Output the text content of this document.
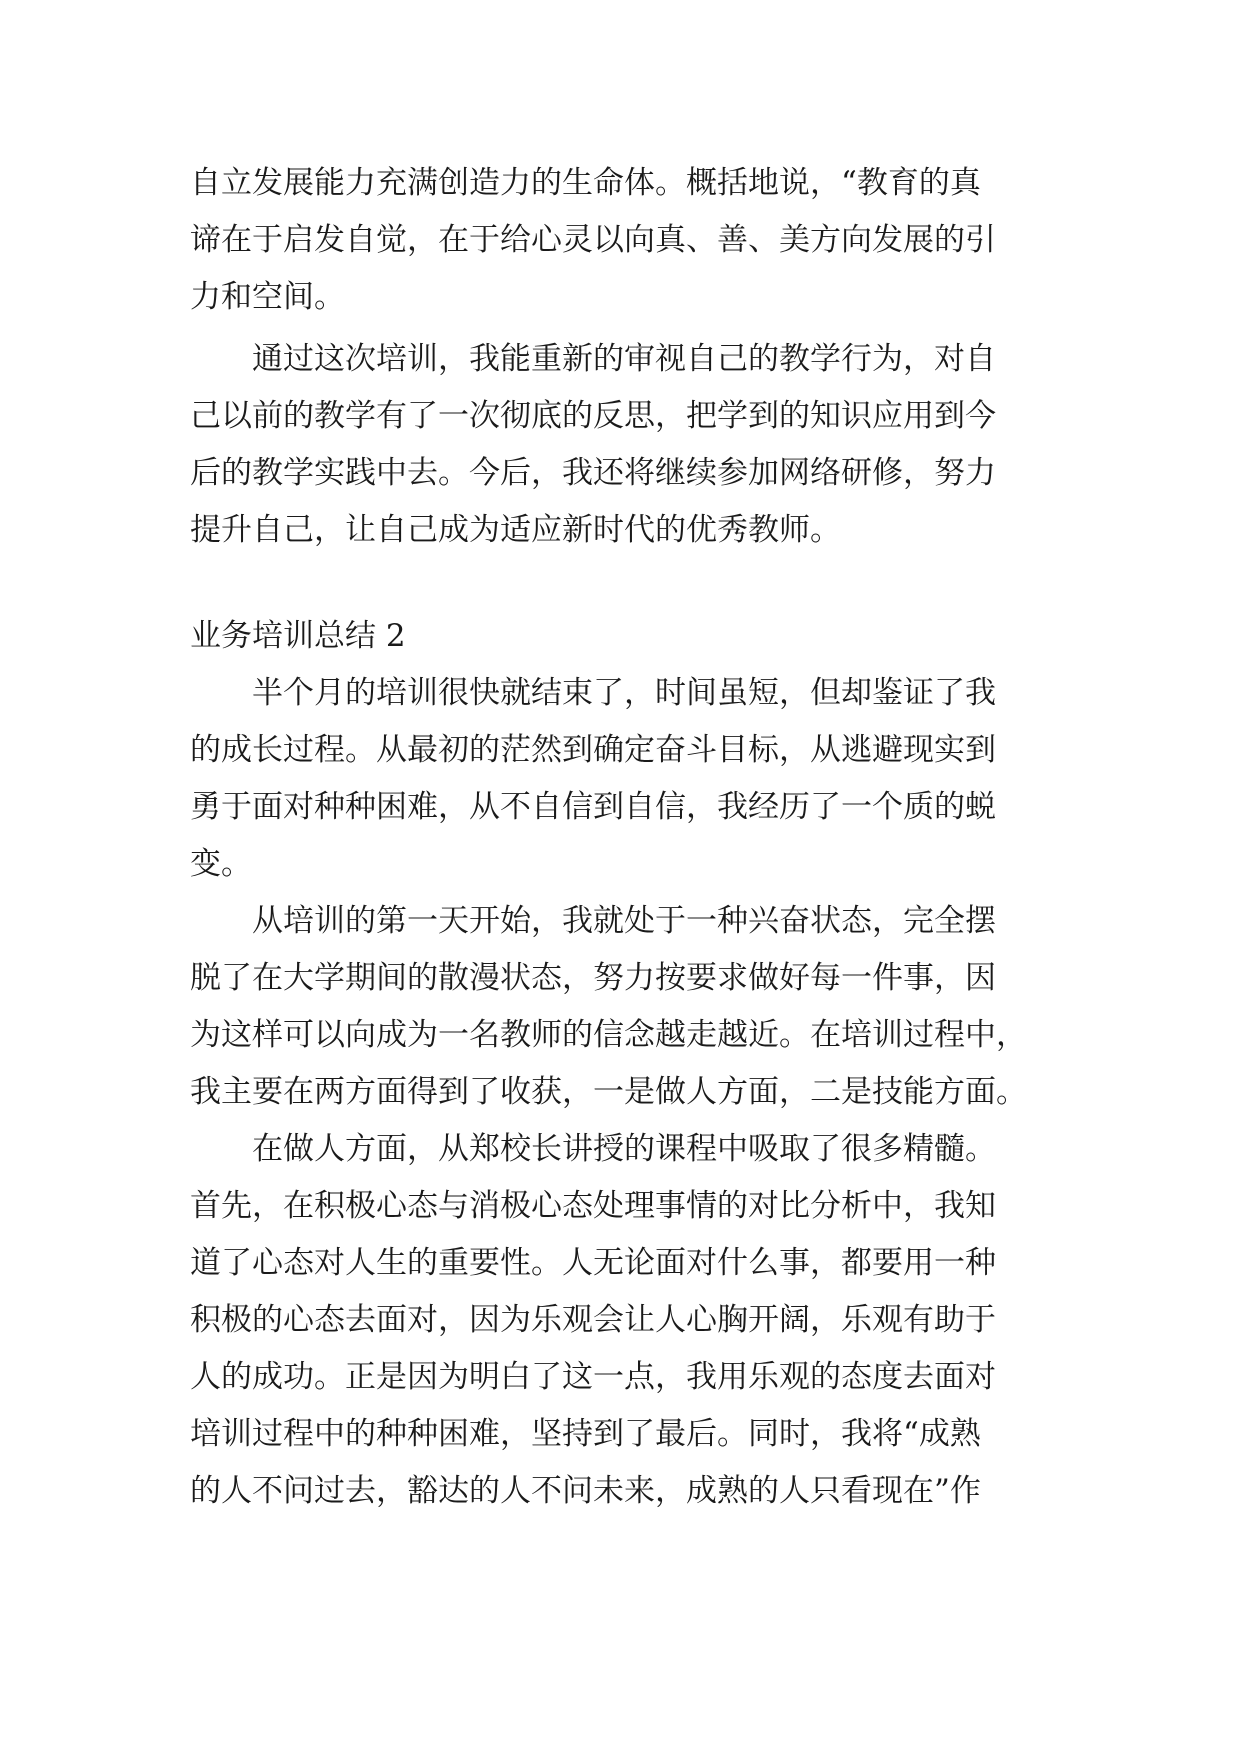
自立发展能力充满创造力的生命体。概括地说，“教育的真
谛在于启发自觉，在于给心灵以向真、善、美方向发展的引
力和空间。
通过这次培训，我能重新的审视自己的教学行为，对自
己以前的教学有了一次彻底的反思，把学到的知识应用到今
后的教学实践中去。今后，我还将继续参加网络研修，努力
提升自己，让自己成为适应新时代的优秀教师。
业务培训总结 2
半个月的培训很快就结束了，时间虽短，但却鉴证了我
的成长过程。从最初的茫然到确定奋斗目标，从逃避现实到
勇于面对种种困难，从不自信到自信，我经历了一个质的蜕
变。
从培训的第一天开始，我就处于一种兴奋状态，完全摆
脱了在大学期间的散漫状态，努力按要求做好每一件事，因
为这样可以向成为一名教师的信念越走越近。在培训过程中，
我主要在两方面得到了收获，一是做人方面，二是技能方面。
在做人方面，从郑校长讲授的课程中吸取了很多精髓。
首先，在积极心态与消极心态处理事情的对比分析中，我知
道了心态对人生的重要性。人无论面对什么事，都要用一种
积极的心态去面对，因为乐观会让人心胸开阔，乐观有助于
人的成功。正是因为明白了这一点，我用乐观的态度去面对
培训过程中的种种困难，坚持到了最后。同时，我将“成熟
的人不问过去，豁达的人不问未来，成熟的人只看现在”作
